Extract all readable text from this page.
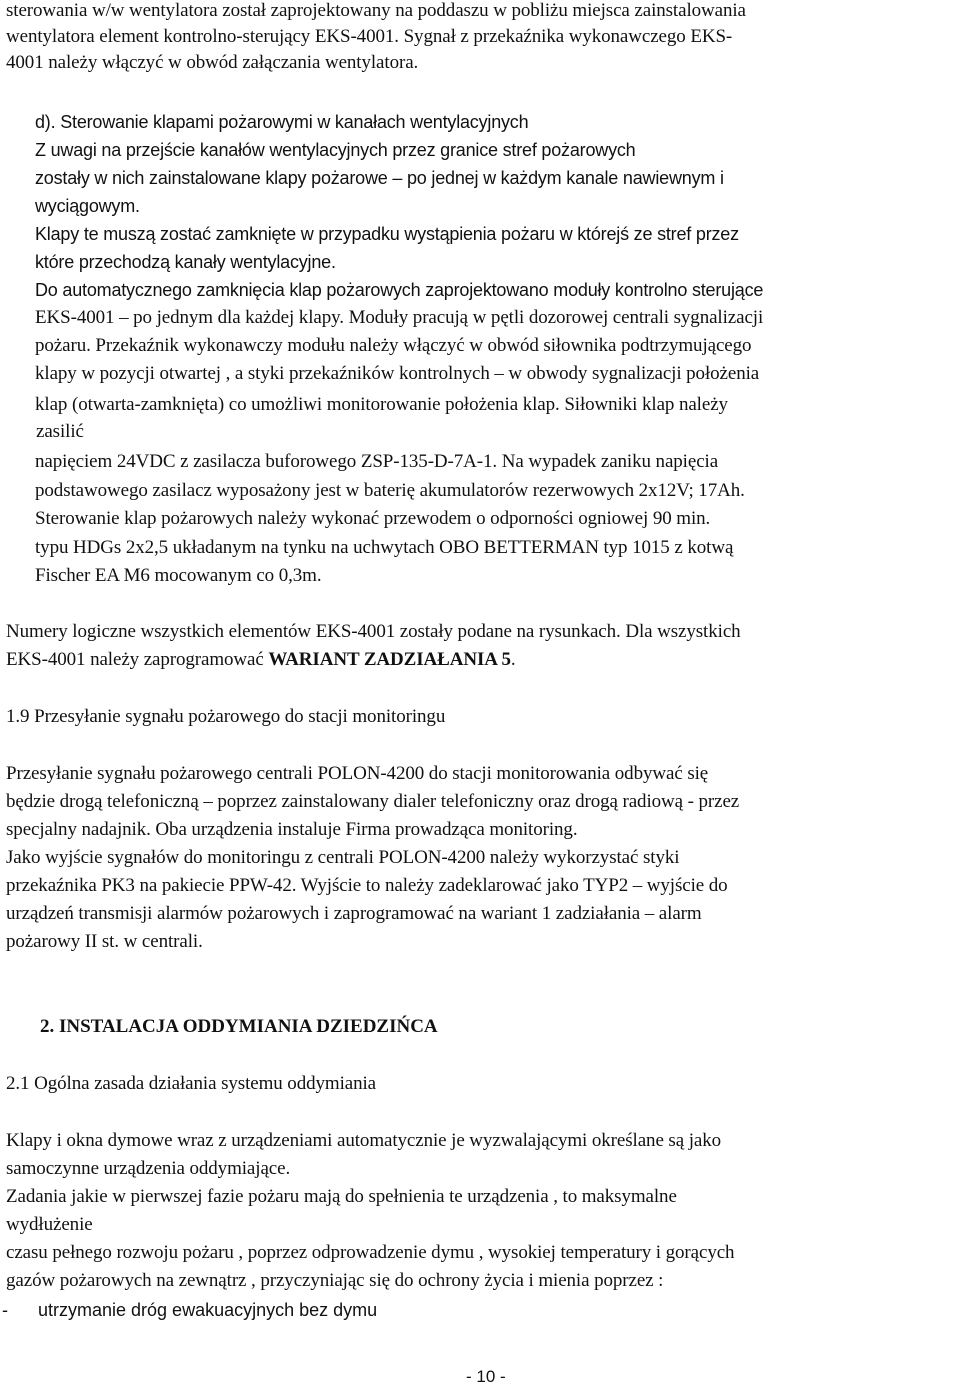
sterowania w/w wentylatora został zaprojektowany na poddaszu w pobliżu miejsca zainstalowania
wentylatora element kontrolno-sterujący EKS-4001. Sygnał z przekaźnika wykonawczego EKS-
4001 należy włączyć w obwód załączania wentylatora.
d). Sterowanie klapami pożarowymi w kanałach wentylacyjnych
Z uwagi na przejście kanałów wentylacyjnych przez granice stref pożarowych
zostały w nich zainstalowane klapy pożarowe – po jednej w każdym kanale nawiewnym i
wyciągowym.
Klapy te muszą zostać zamknięte w przypadku wystąpienia pożaru w którejś ze stref przez
które przechodzą kanały wentylacyjne.
Do automatycznego zamknięcia klap pożarowych zaprojektowano moduły kontrolno sterujące
EKS-4001 – po jednym dla każdej klapy. Moduły pracują w pętli dozorowej centrali sygnalizacji
pożaru. Przekaźnik wykonawczy modułu należy włączyć w obwód siłownika podtrzymującego
klapy w pozycji otwartej , a styki przekaźników kontrolnych – w obwody sygnalizacji położenia
klap (otwarta-zamknięta) co umożliwi monitorowanie położenia klap. Siłowniki klap należy
zasilić
napięciem 24VDC z zasilacza buforowego ZSP-135-D-7A-1. Na wypadek zaniku napięcia
podstawowego zasilacz wyposażony jest w baterię akumulatorów rezerwowych 2x12V; 17Ah.
Sterowanie klap pożarowych należy wykonać przewodem o odporności ogniowej 90 min.
typu HDGs 2x2,5 układanym na tynku na uchwytach OBO BETTERMAN typ 1015 z kotwą
Fischer EA M6 mocowanym co 0,3m.
Numery logiczne wszystkich elementów EKS-4001 zostały podane na rysunkach. Dla wszystkich
EKS-4001 należy zaprogramować WARIANT ZADZIAŁANIA 5.
1.9 Przesyłanie sygnału pożarowego do stacji monitoringu
Przesyłanie sygnału pożarowego centrali POLON-4200 do stacji monitorowania odbywać się
będzie drogą telefoniczną – poprzez zainstalowany dialer telefoniczny oraz drogą radiową - przez
specjalny nadajnik. Oba urządzenia instaluje Firma prowadząca monitoring.
Jako wyjście sygnałów do monitoringu z centrali POLON-4200 należy wykorzystać styki
przekaźnika PK3 na pakiecie PPW-42. Wyjście to należy zadeklarować jako TYP2 – wyjście do
urządzeń transmisji alarmów pożarowych i zaprogramować na wariant 1 zadziałania – alarm
pożarowy II st. w centrali.
2. INSTALACJA ODDYMIANIA DZIEDZIŃCA
2.1 Ogólna zasada działania systemu oddymiania
Klapy i okna dymowe wraz z urządzeniami automatycznie je wyzwalającymi określane są jako
samoczynne urządzenia oddymiające.
Zadania jakie w pierwszej fazie pożaru mają do spełnienia te urządzenia , to maksymalne
wydłużenie
czasu pełnego rozwoju pożaru , poprzez odprowadzenie dymu , wysokiej temperatury i gorących
gazów pożarowych na zewnątrz , przyczyniając się do ochrony życia i mienia poprzez :
- utrzymanie dróg ewakuacyjnych bez dymu
- 10 -
